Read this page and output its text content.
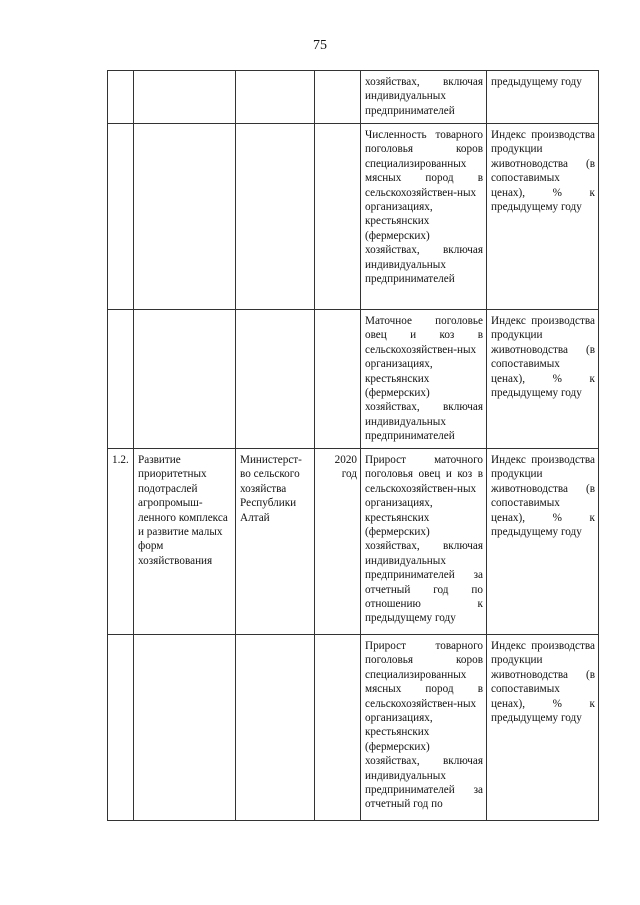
75
				хозяйствах, включая индивидуальных предпринимателей	предыдущему году
				Численность товарного поголовья коров специализированных мясных пород в сельскохозяйствен-ных организациях, крестьянских (фермерских) хозяйствах, включая индивидуальных предпринимателей	Индекс производства продукции животноводства (в сопоставимых ценах), % к предыдущему году
				Маточное поголовье овец и коз в сельскохозяйствен-ных организациях, крестьянских (фермерских) хозяйствах, включая индивидуальных предпринимателей	Индекс производства продукции животноводства (в сопоставимых ценах), % к предыдущему году
1.2.	Развитие приоритетных подотраслей агропромыш-ленного комплекса и развитие малых форм хозяйствования	Министерст-во сельского хозяйства Республики Алтай	2020 год	Прирост маточного поголовья овец и коз в сельскохозяйствен-ных организациях, крестьянских (фермерских) хозяйствах, включая индивидуальных предпринимателей за отчетный год по отношению к предыдущему году	Индекс производства продукции животноводства (в сопоставимых ценах), % к предыдущему году
				Прирост товарного поголовья коров специализированных мясных пород в сельскохозяйствен-ных организациях, крестьянских (фермерских) хозяйствах, включая индивидуальных предпринимателей за отчетный год по	Индекс производства продукции животноводства (в сопоставимых ценах), % к предыдущему году
